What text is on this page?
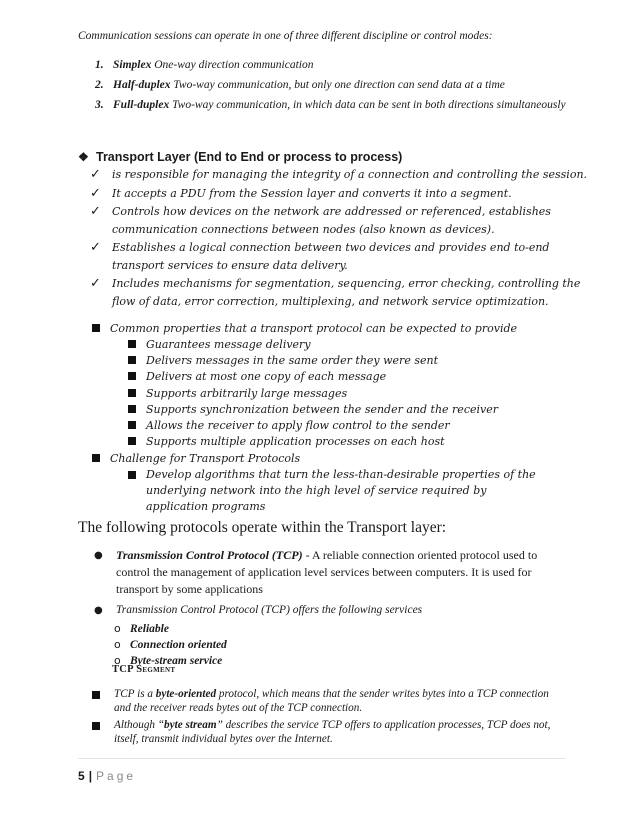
Communication sessions can operate in one of three different discipline or control modes:
1. Simplex One-way direction communication
2. Half-duplex Two-way communication, but only one direction can send data at a time
3. Full-duplex Two-way communication, in which data can be sent in both directions simultaneously
❖ Transport Layer (End to End or process to process)
✓ is responsible for managing the integrity of a connection and controlling the session.
✓ It accepts a PDU from the Session layer and converts it into a segment.
✓ Controls how devices on the network are addressed or referenced, establishes communication connections between nodes (also known as devices).
✓ Establishes a logical connection between two devices and provides end to-end transport services to ensure data delivery.
✓ Includes mechanisms for segmentation, sequencing, error checking, controlling the flow of data, error correction, multiplexing, and network service optimization.
Common properties that a transport protocol can be expected to provide
Guarantees message delivery
Delivers messages in the same order they were sent
Delivers at most one copy of each message
Supports arbitrarily large messages
Supports synchronization between the sender and the receiver
Allows the receiver to apply flow control to the sender
Supports multiple application processes on each host
Challenge for Transport Protocols
Develop algorithms that turn the less-than-desirable properties of the underlying network into the high level of service required by application programs
The following protocols operate within the Transport layer:
● Transmission Control Protocol (TCP) - A reliable connection oriented protocol used to control the management of application level services between computers. It is used for transport by some applications
● Transmission Control Protocol (TCP) offers the following services
o Reliable
o Connection oriented
o Byte-stream service
TCP Segment
TCP is a byte-oriented protocol, which means that the sender writes bytes into a TCP connection and the receiver reads bytes out of the TCP connection.
Although “byte stream” describes the service TCP offers to application processes, TCP does not, itself, transmit individual bytes over the Internet.
5 | Page
